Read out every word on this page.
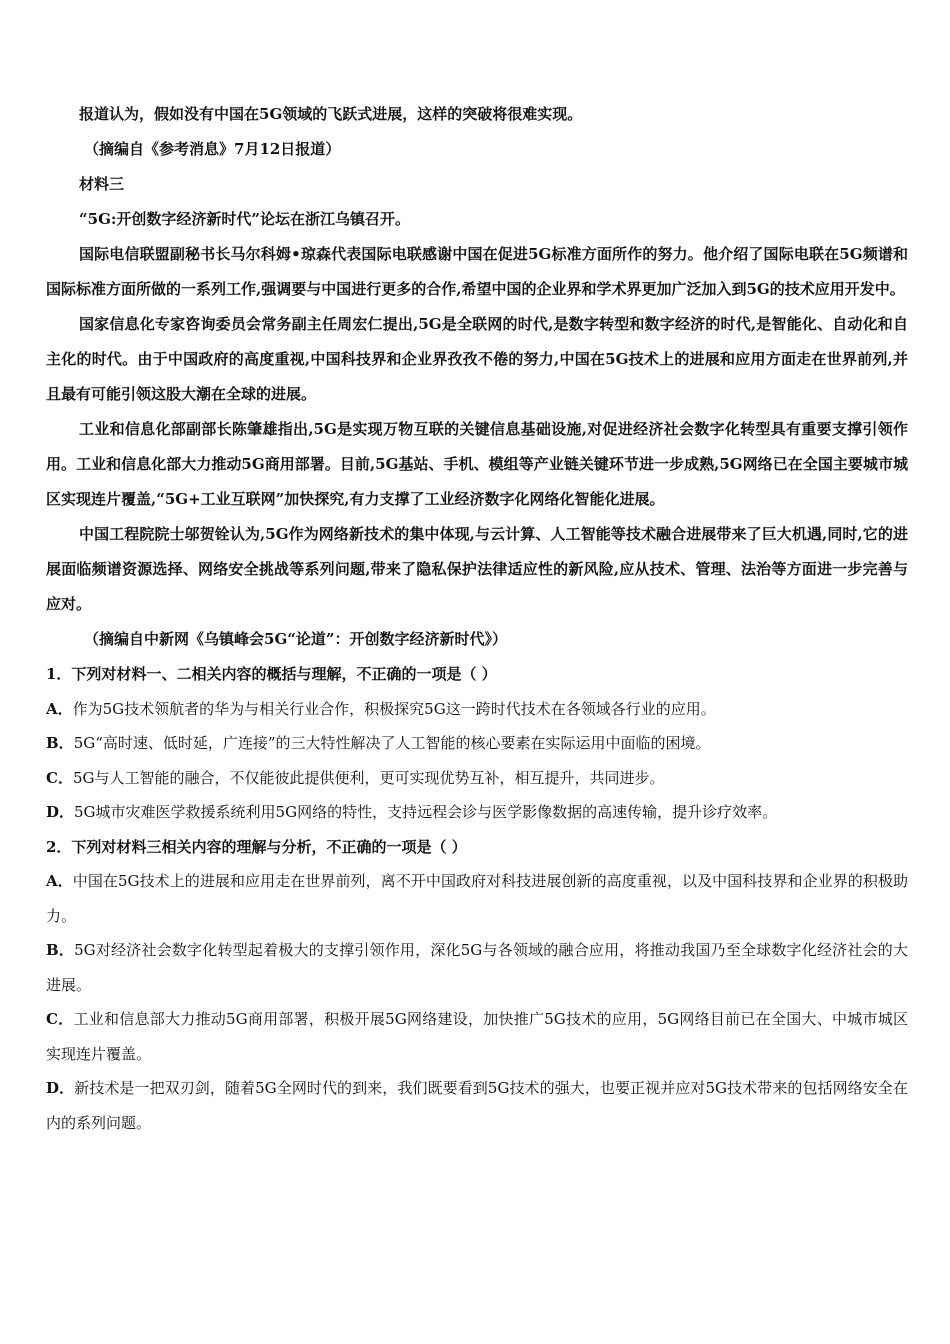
报道认为，假如没有中国在5G领域的飞跃式进展，这样的突破将很难实现。

（摘编自《参考消息》7月12日报道）

材料三

“5G:开创数字经济新时代”论坛在浙江乌镇召开。

国际电信联盟副秘书长马尔科姆•琼森代表国际电联感谢中国在促进5G标准方面所作的努力。他介绍了国际电联在5G频谱和国际标准方面所做的一系列工作,强调要与中国进行更多的合作,希望中国的企业界和学术界更加广泛加入到5G的技术应用开发中。

国家信息化专家咨询委员会常务副主任周宏仁提出,5G是全联网的时代,是数字转型和数字经济的时代,是智能化、自动化和自主化的时代。由于中国政府的高度重视,中国科技界和企业界孜孜不倦的努力,中国在5G技术上的进展和应用方面走在世界前列,并且最有可能引领这股大潮在全球的进展。

工业和信息化部副部长陈肇雄指出,5G是实现万物互联的关键信息基础设施,对促进经济社会数字化转型具有重要支撑引领作用。工业和信息化部大力推动5G商用部署。目前,5G基站、手机、模组等产业链关键环节进一步成熟,5G网络已在全国主要城市城区实现连片覆盖,“5G+工业互联网”加快探究,有力支撑了工业经济数字化网络化智能化进展。

中国工程院院士邬贺铨认为,5G作为网络新技术的集中体现,与云计算、人工智能等技术融合进展带来了巨大机遇,同时,它的进展面临频谱资源选择、网络安全挑战等系列问题,带来了隐私保护法律适应性的新风险,应从技术、管理、法治等方面进一步完善与应对。

（摘编自中新网《乌镇峰会5G“论道”：开创数字经济新时代》）

1．下列对材料一、二相关内容的概括与理解，不正确的一项是（ ）

A．作为5G技术领航者的华为与相关行业合作，积极探究5G这一跨时代技术在各领域各行业的应用。

B．5G“高时速、低时延，广连接”的三大特性解决了人工智能的核心要素在实际运用中面临的困境。

C．5G与人工智能的融合，不仅能彼此提供便利，更可实现优势互补，相互提升，共同进步。

D．5G城市灾难医学救援系统利用5G网络的特性，支持远程会诊与医学影像数据的高速传输，提升诊疗效率。

2．下列对材料三相关内容的理解与分析，不正确的一项是（ ）

A．中国在5G技术上的进展和应用走在世界前列，离不开中国政府对科技进展创新的高度重视，以及中国科技界和企业界的积极助力。

B．5G对经济社会数字化转型起着极大的支撑引领作用，深化5G与各领域的融合应用，将推动我国乃至全球数字化经济社会的大进展。

C．工业和信息部大力推动5G商用部署，积极开展5G网络建设，加快推广5G技术的应用，5G网络目前已在全国大、中城市城区实现连片覆盖。

D．新技术是一把双刃剑，随着5G全网时代的到来，我们既要看到5G技术的强大，也要正视并应对5G技术带来的包括网络安全在内的系列问题。
